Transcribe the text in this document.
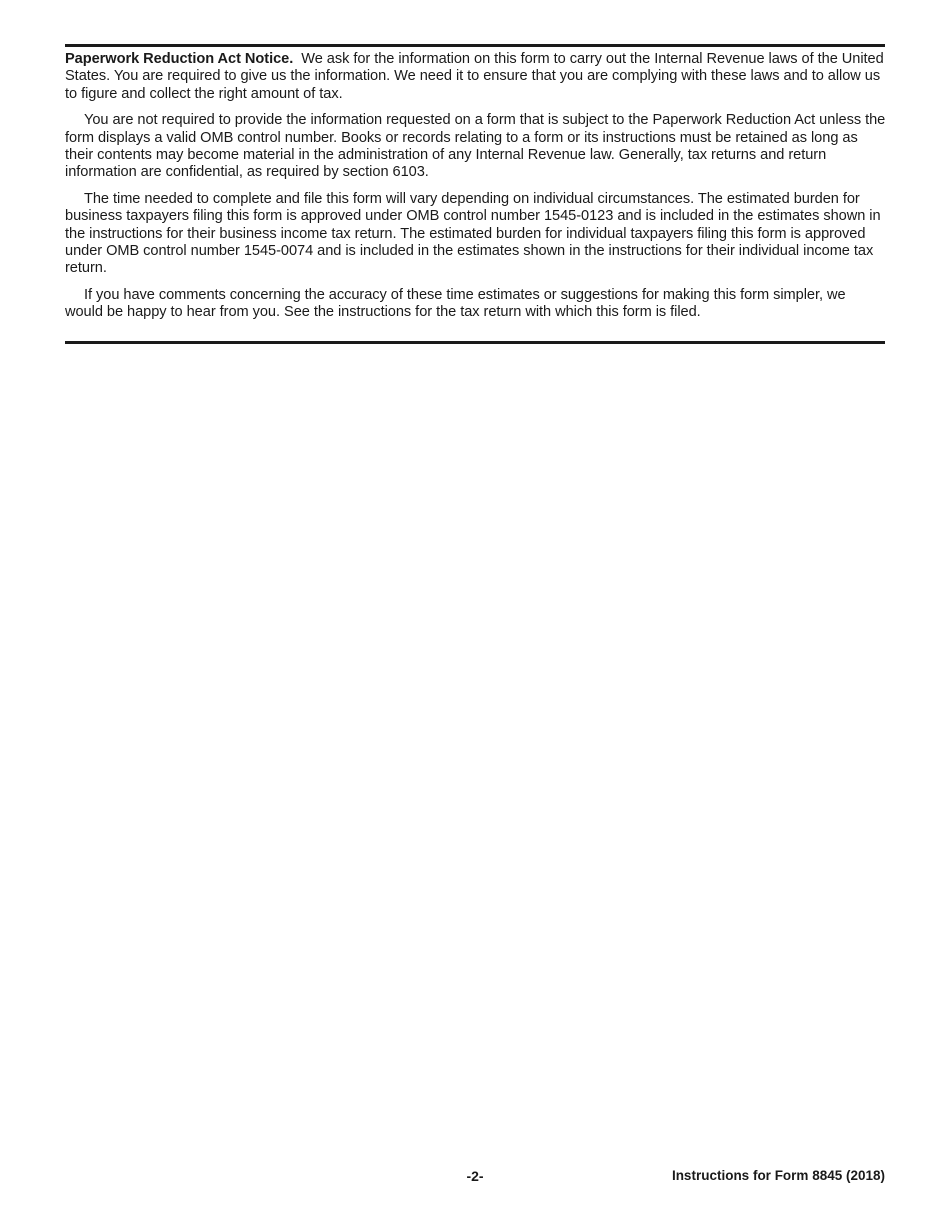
Paperwork Reduction Act Notice. We ask for the information on this form to carry out the Internal Revenue laws of the United States. You are required to give us the information. We need it to ensure that you are complying with these laws and to allow us to figure and collect the right amount of tax.

You are not required to provide the information requested on a form that is subject to the Paperwork Reduction Act unless the form displays a valid OMB control number. Books or records relating to a form or its instructions must be retained as long as their contents may become material in the administration of any Internal Revenue law. Generally, tax returns and return information are confidential, as required by section 6103.

The time needed to complete and file this form will vary depending on individual circumstances. The estimated burden for business taxpayers filing this form is approved under OMB control number 1545-0123 and is included in the estimates shown in the instructions for their business income tax return. The estimated burden for individual taxpayers filing this form is approved under OMB control number 1545-0074 and is included in the estimates shown in the instructions for their individual income tax return.

If you have comments concerning the accuracy of these time estimates or suggestions for making this form simpler, we would be happy to hear from you. See the instructions for the tax return with which this form is filed.

-2-	Instructions for Form 8845 (2018)
